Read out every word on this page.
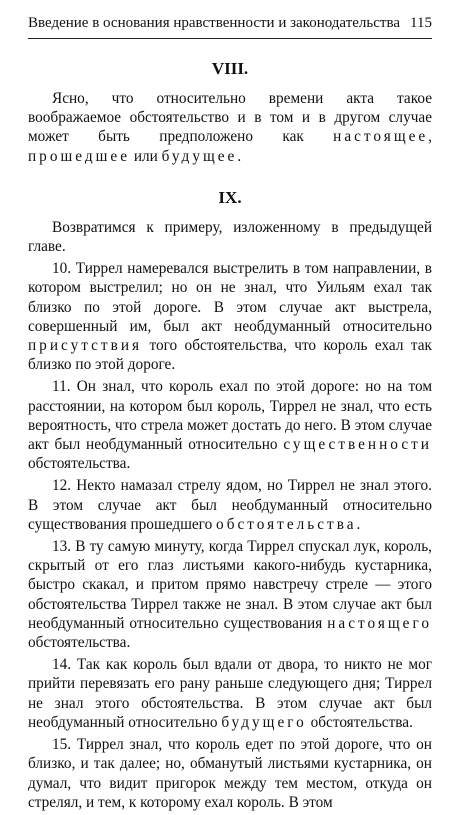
Введение в основания нравственности и законодательства 115
VIII.

Ясно, что относительно времени акта такое воображаемое обстоятельство и в том и в другом случае может быть предположено как настоящее, прошедшее или будущее.

IX.

Возвратимся к примеру, изложенному в предыдущей главе.

10. Тиррел намеревался выстрелить в том направлении, в котором выстрелил; но он не знал, что Уильям ехал так близко по этой дороге. В этом случае акт выстрела, совершенный им, был акт необдуманный относительно присутствия того обстоятельства, что король ехал так близко по этой дороге.

11. Он знал, что король ехал по этой дороге: но на том расстоянии, на котором был король, Тиррел не знал, что есть вероятность, что стрела может достать до него. В этом случае акт был необдуманный относительно существенности обстоятельства.

12. Некто намазал стрелу ядом, но Тиррел не знал этого. В этом случае акт был необдуманный относительно существования прошедшего обстоятельства.

13. В ту самую минуту, когда Тиррел спускал лук, король, скрытый от его глаз листьями какого-нибудь кустарника, быстро скакал, и притом прямо навстречу стреле — этого обстоятельства Тиррел также не знал. В этом случае акт был необдуманный относительно существования настоящего обстоятельства.

14. Так как король был вдали от двора, то никто не мог прийти перевязать его рану раньше следующего дня; Тиррел не знал этого обстоятельства. В этом случае акт был необдуманный относительно будущего обстоятельства.

15. Тиррел знал, что король едет по этой дороге, что он близко, и так далее; но, обманутый листьями кустарника, он думал, что видит пригорок между тем местом, откуда он стрелял, и тем, к которому ехал король. В этом
